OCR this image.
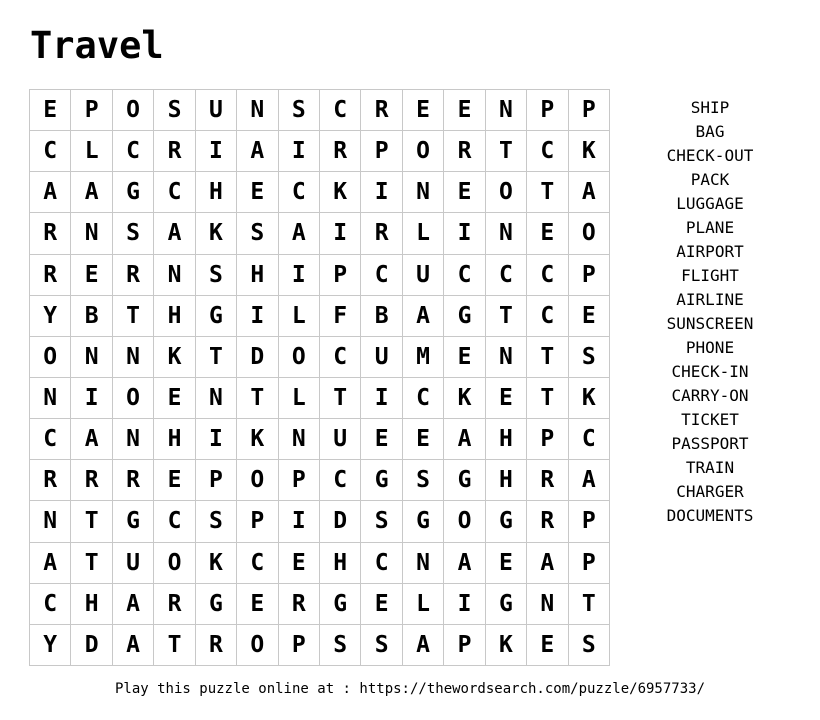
Travel
E	P	O	S	U	N	S	C	R	E	E	N	P	P
C	L	C	R	I	A	I	R	P	O	R	T	C	K
A	A	G	C	H	E	C	K	I	N	E	O	T	A
R	N	S	A	K	S	A	I	R	L	I	N	E	O
R	E	R	N	S	H	I	P	C	U	C	C	C	P
Y	B	T	H	G	I	L	F	B	A	G	T	C	E
O	N	N	K	T	D	O	C	U	M	E	N	T	S
N	I	O	E	N	T	L	T	I	C	K	E	T	K
C	A	N	H	I	K	N	U	E	E	A	H	P	C
R	R	R	E	P	O	P	C	G	S	G	H	R	A
N	T	G	C	S	P	I	D	S	G	O	G	R	P
A	T	U	O	K	C	E	H	C	N	A	E	A	P
C	H	A	R	G	E	R	G	E	L	I	G	N	T
Y	D	A	T	R	O	P	S	S	A	P	K	E	S
SHIP
BAG
CHECK-OUT
PACK
LUGGAGE
PLANE
AIRPORT
FLIGHT
AIRLINE
SUNSCREEN
PHONE
CHECK-IN
CARRY-ON
TICKET
PASSPORT
TRAIN
CHARGER
DOCUMENTS
Play this puzzle online at : https://thewordsearch.com/puzzle/6957733/
